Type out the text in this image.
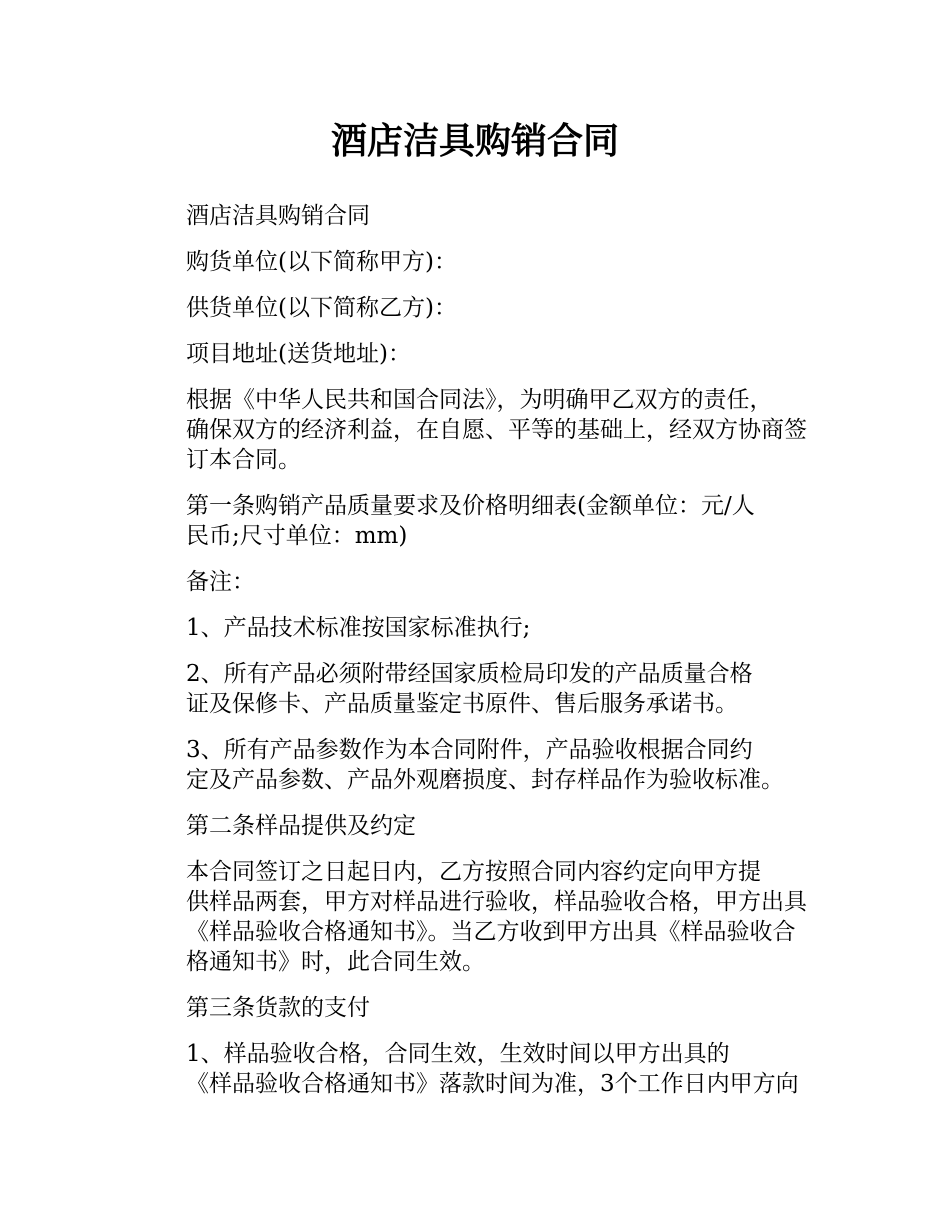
酒店洁具购销合同

酒店洁具购销合同

购货单位(以下简称甲方)：

供货单位(以下简称乙方)：

项目地址(送货地址)：

根据《中华人民共和国合同法》，为明确甲乙双方的责任，
确保双方的经济利益，在自愿、平等的基础上，经双方协商签
订本合同。

第一条购销产品质量要求及价格明细表(金额单位：元/人
民币;尺寸单位：mm)

备注：

1、产品技术标准按国家标准执行;

2、所有产品必须附带经国家质检局印发的产品质量合格
证及保修卡、产品质量鉴定书原件、售后服务承诺书。

3、所有产品参数作为本合同附件，产品验收根据合同约
定及产品参数、产品外观磨损度、封存样品作为验收标准。

第二条样品提供及约定

本合同签订之日起日内，乙方按照合同内容约定向甲方提
供样品两套，甲方对样品进行验收，样品验收合格，甲方出具
《样品验收合格通知书》。当乙方收到甲方出具《样品验收合
格通知书》时，此合同生效。

第三条货款的支付

1、样品验收合格，合同生效，生效时间以甲方出具的
《样品验收合格通知书》落款时间为准，3个工作日内甲方向
